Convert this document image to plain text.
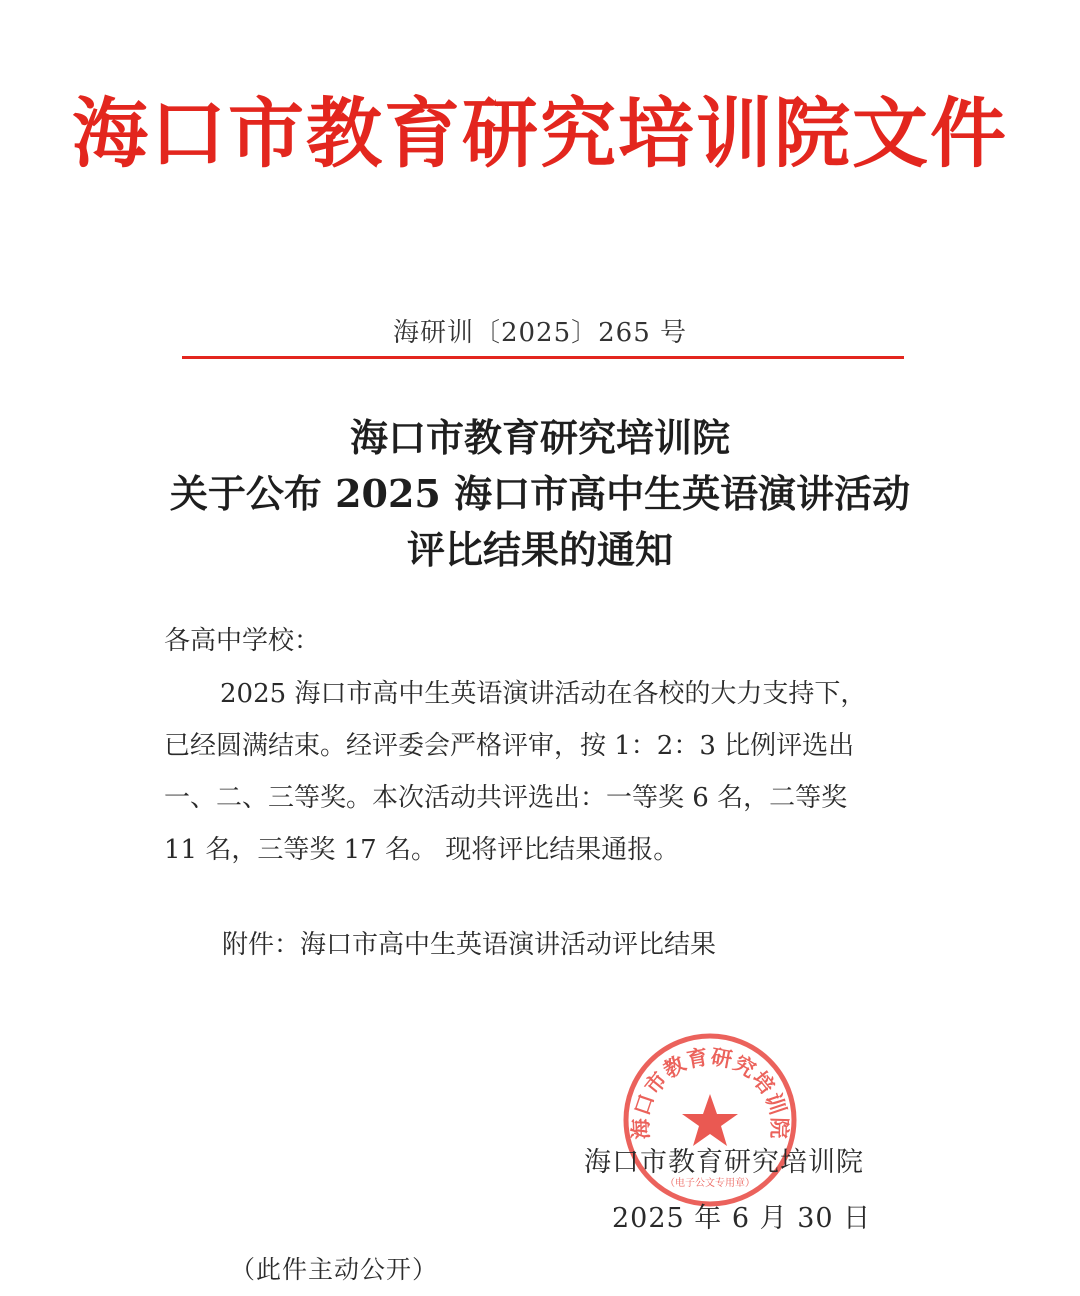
海口市教育研究培训院文件
海研训〔2025〕265 号
海口市教育研究培训院
关于公布 2025 海口市高中生英语演讲活动
评比结果的通知
各高中学校：
2025 海口市高中生英语演讲活动在各校的大力支持下，
已经圆满结束。经评委会严格评审，按 1：2：3 比例评选出
一、二、三等奖。本次活动共评选出：一等奖 6 名，二等奖
11 名，三等奖 17 名。 现将评比结果通报。
附件：海口市高中生英语演讲活动评比结果
海口市教育研究培训院
（电子公文专用章）
海口市教育研究培训院
2025 年 6 月 30 日
（此件主动公开）
